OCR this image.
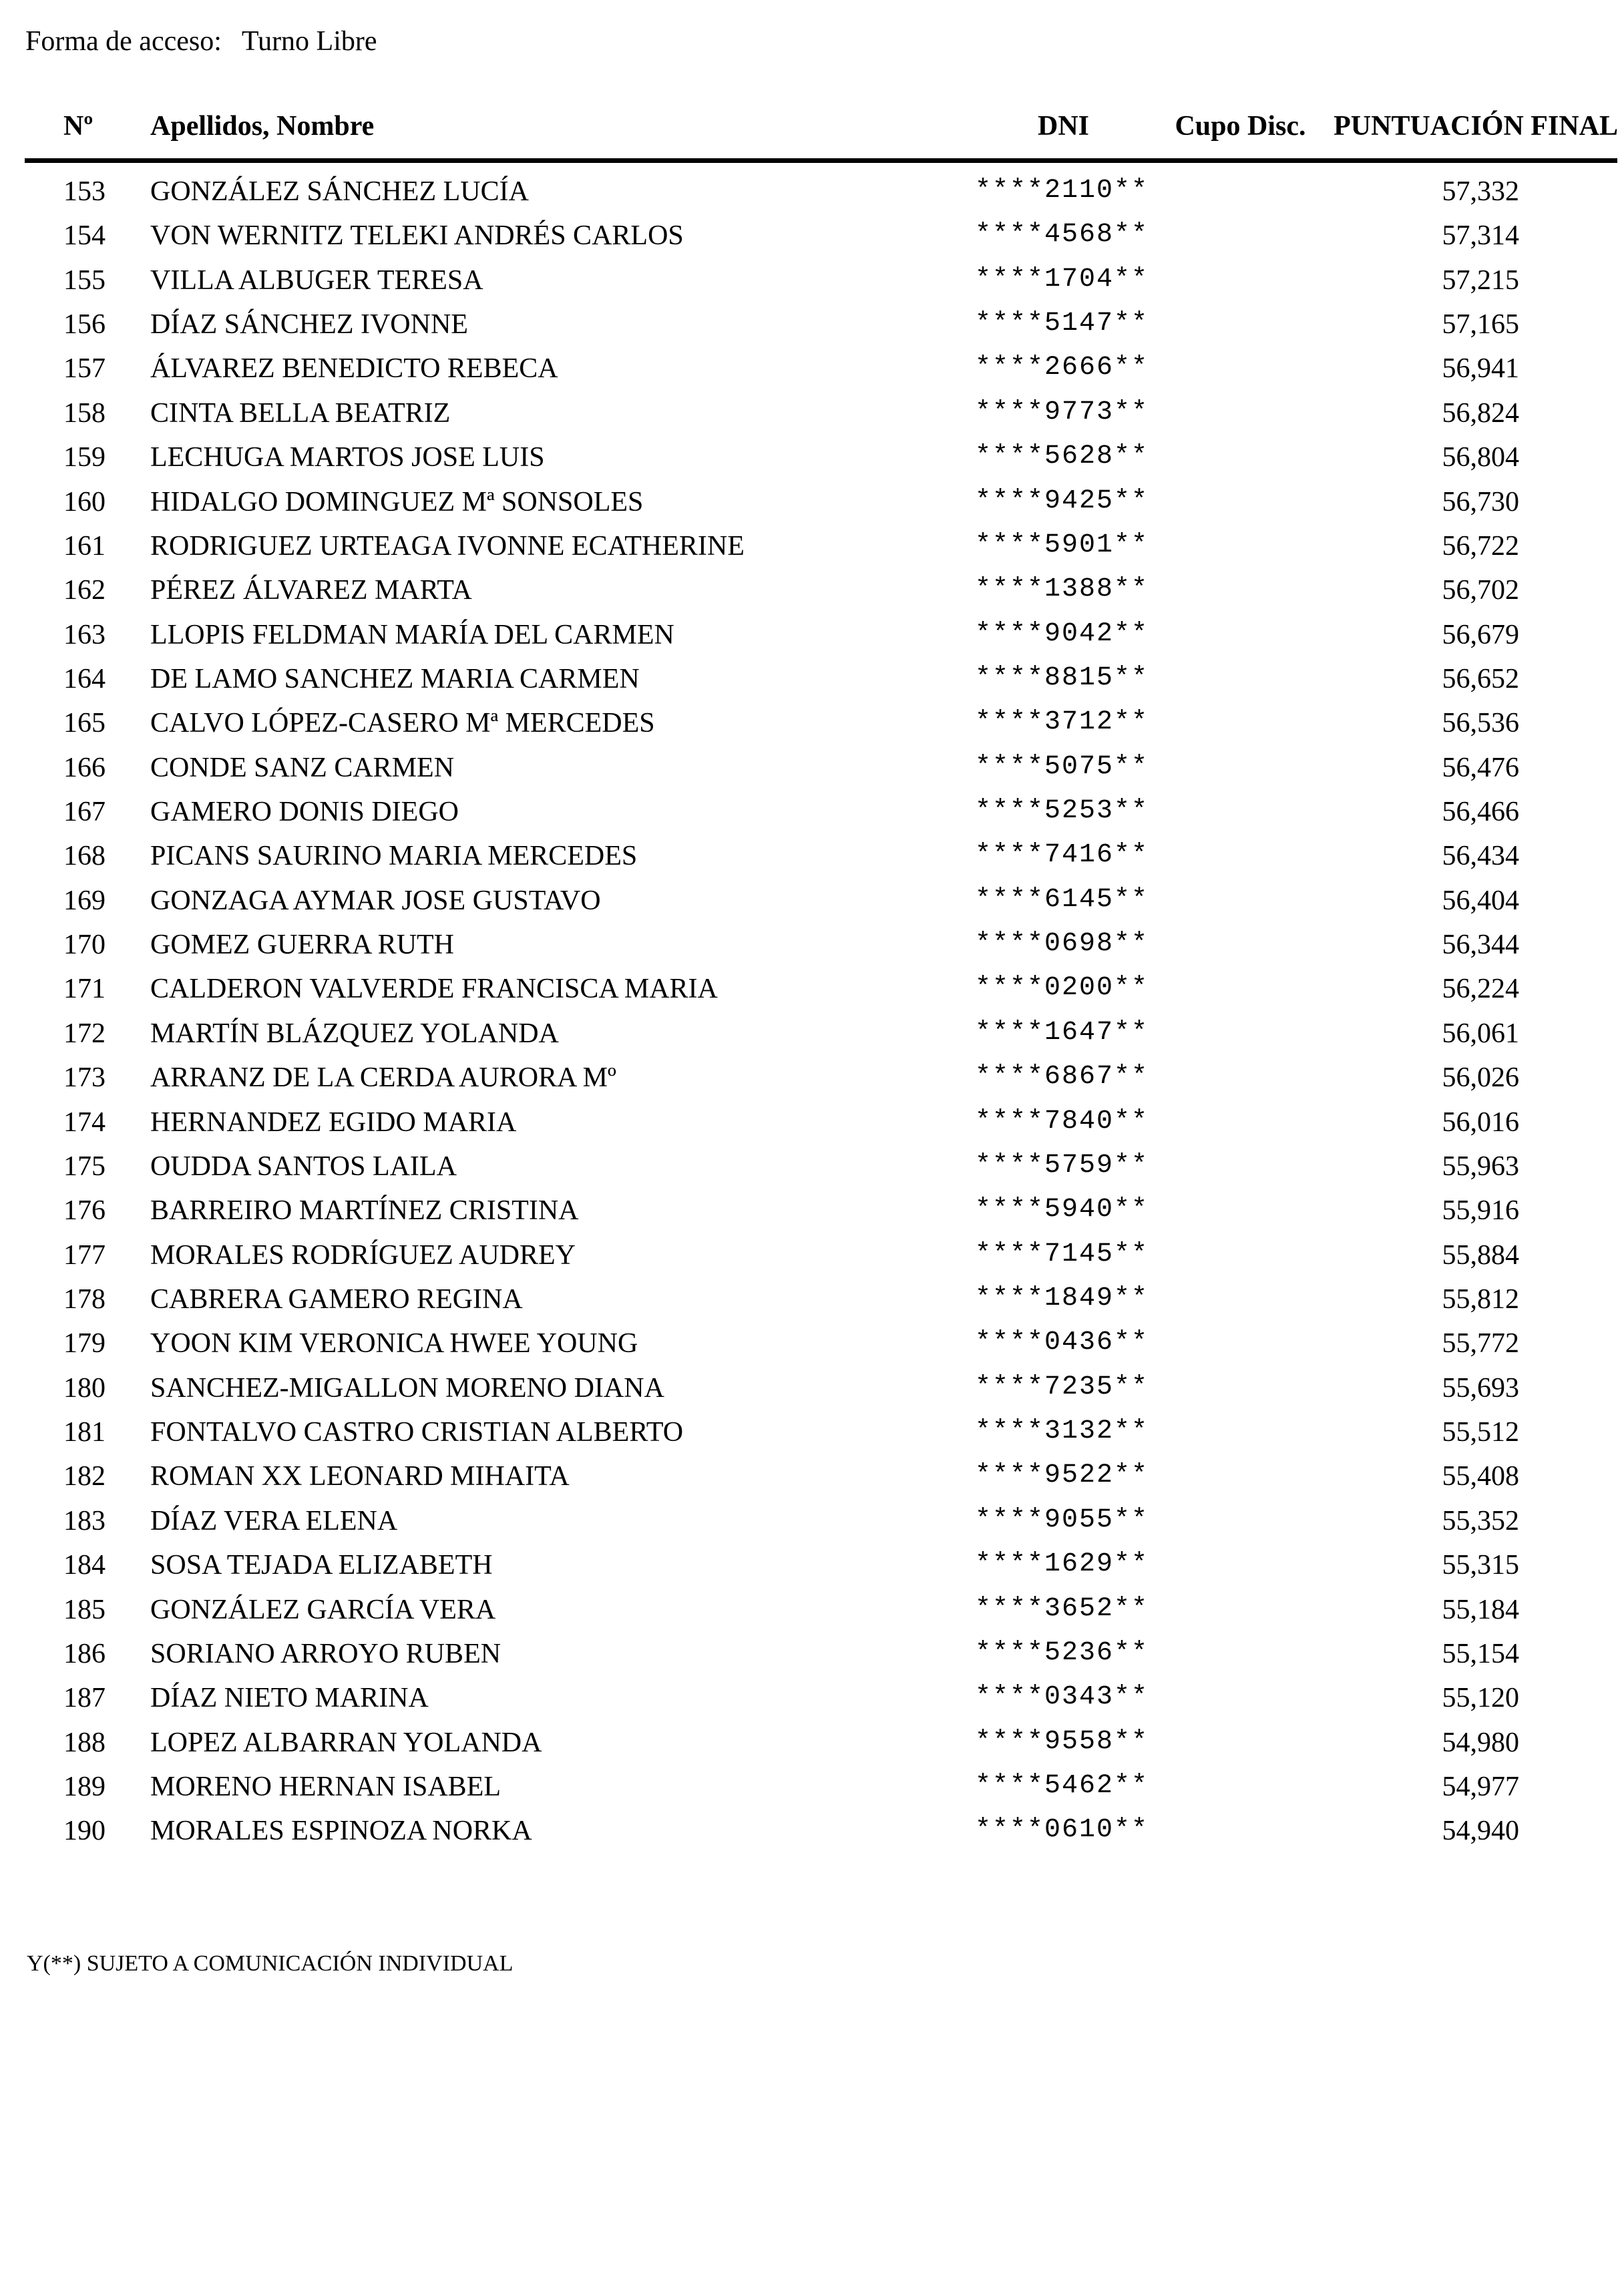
Forma de acceso: Turno Libre
Nº Apellidos, Nombre	DNI	Cupo Disc. PUNTUACIÓN FINAL
153	GONZÁLEZ SÁNCHEZ LUCÍA	****2110**	57,332
154	VON WERNITZ TELEKI ANDRÉS CARLOS	****4568**	57,314
155	VILLA ALBUGER TERESA	****1704**	57,215
156	DÍAZ SÁNCHEZ IVONNE	****5147**	57,165
157	ÁLVAREZ BENEDICTO REBECA	****2666**	56,941
158	CINTA BELLA BEATRIZ	****9773**	56,824
159	LECHUGA MARTOS JOSE LUIS	****5628**	56,804
160	HIDALGO DOMINGUEZ Mª SONSOLES	****9425**	56,730
161	RODRIGUEZ URTEAGA IVONNE ECATHERINE	****5901**	56,722
162	PÉREZ ÁLVAREZ MARTA	****1388**	56,702
163	LLOPIS FELDMAN MARÍA DEL CARMEN	****9042**	56,679
164	DE LAMO SANCHEZ MARIA CARMEN	****8815**	56,652
165	CALVO LÓPEZ-CASERO Mª MERCEDES	****3712**	56,536
166	CONDE SANZ CARMEN	****5075**	56,476
167	GAMERO DONIS DIEGO	****5253**	56,466
168	PICANS SAURINO MARIA MERCEDES	****7416**	56,434
169	GONZAGA AYMAR JOSE GUSTAVO	****6145**	56,404
170	GOMEZ GUERRA RUTH	****0698**	56,344
171	CALDERON VALVERDE FRANCISCA MARIA	****0200**	56,224
172	MARTÍN BLÁZQUEZ YOLANDA	****1647**	56,061
173	ARRANZ DE LA CERDA AURORA Mº	****6867**	56,026
174	HERNANDEZ EGIDO MARIA	****7840**	56,016
175	OUDDA SANTOS LAILA	****5759**	55,963
176	BARREIRO MARTÍNEZ CRISTINA	****5940**	55,916
177	MORALES RODRÍGUEZ AUDREY	****7145**	55,884
178	CABRERA GAMERO REGINA	****1849**	55,812
179	YOON KIM VERONICA HWEE YOUNG	****0436**	55,772
180	SANCHEZ-MIGALLON MORENO DIANA	****7235**	55,693
181	FONTALVO CASTRO CRISTIAN ALBERTO	****3132**	55,512
182	ROMAN XX LEONARD MIHAITA	****9522**	55,408
183	DÍAZ VERA ELENA	****9055**	55,352
184	SOSA TEJADA ELIZABETH	****1629**	55,315
185	GONZÁLEZ GARCÍA VERA	****3652**	55,184
186	SORIANO ARROYO RUBEN	****5236**	55,154
187	DÍAZ NIETO MARINA	****0343**	55,120
188	LOPEZ ALBARRAN YOLANDA	****9558**	54,980
189	MORENO HERNAN ISABEL	****5462**	54,977
190	MORALES ESPINOZA NORKA	****0610**	54,940
Y(**) SUJETO A COMUNICACIÓN INDIVIDUAL
